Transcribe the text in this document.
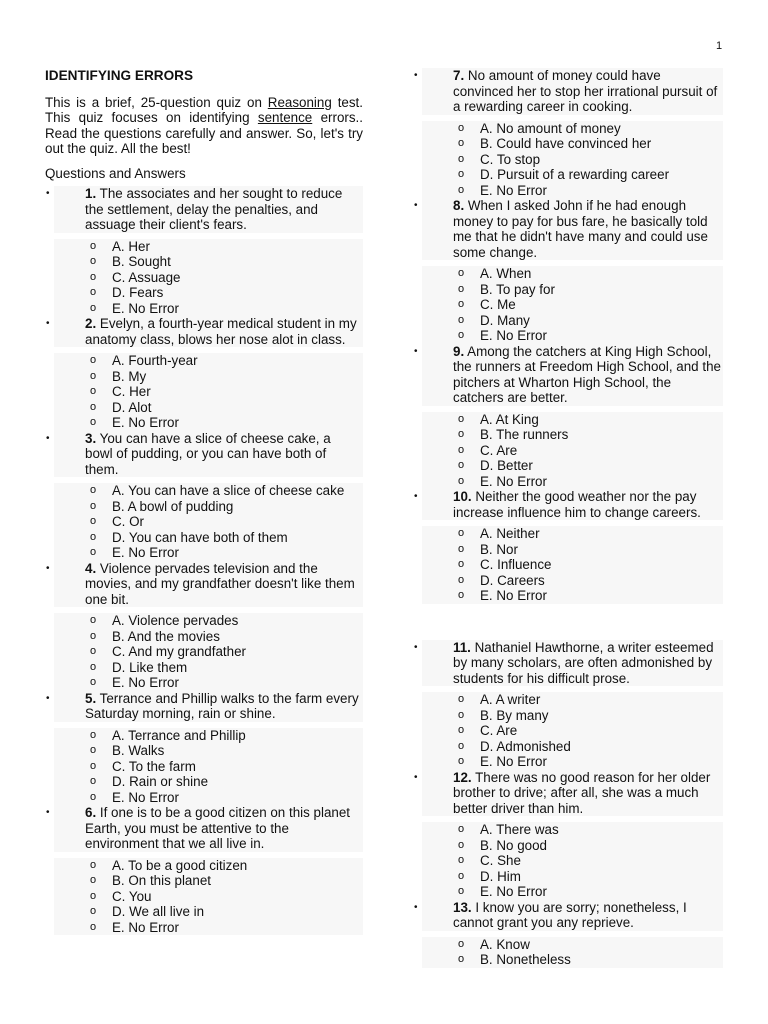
1
IDENTIFYING ERRORS

This is a brief, 25-question quiz on Reasoning test. This quiz focuses on identifying sentence errors.. Read the questions carefully and answer. So, let's try out the quiz. All the best!

Questions and Answers
•	1. The associates and her sought to reduce the settlement, delay the penalties, and assuage their client's fears.
o A. Her
o B. Sought
o C. Assuage
o D. Fears
o E. No Error
•	2. Evelyn, a fourth-year medical student in my anatomy class, blows her nose alot in class.
o A. Fourth-year
o B. My
o C. Her
o D. Alot
o E. No Error
•	3. You can have a slice of cheese cake, a bowl of pudding, or you can have both of them.
o A. You can have a slice of cheese cake
o B. A bowl of pudding
o C. Or
o D. You can have both of them
o E. No Error
•	4. Violence pervades television and the movies, and my grandfather doesn't like them one bit.
o A. Violence pervades
o B. And the movies
o C. And my grandfather
o D. Like them
o E. No Error
•	5. Terrance and Phillip walks to the farm every Saturday morning, rain or shine.
o A. Terrance and Phillip
o B. Walks
o C. To the farm
o D. Rain or shine
o E. No Error
•	6. If one is to be a good citizen on this planet Earth, you must be attentive to the environment that we all live in.
o A. To be a good citizen
o B. On this planet
o C. You
o D. We all live in
o E. No Error
•	7. No amount of money could have convinced her to stop her irrational pursuit of a rewarding career in cooking.
o A. No amount of money
o B. Could have convinced her
o C. To stop
o D. Pursuit of a rewarding career
o E. No Error
•	8. When I asked John if he had enough money to pay for bus fare, he basically told me that he didn't have many and could use some change.
o A. When
o B. To pay for
o C. Me
o D. Many
o E. No Error
•	9. Among the catchers at King High School, the runners at Freedom High School, and the pitchers at Wharton High School, the catchers are better.
o A. At King
o B. The runners
o C. Are
o D. Better
o E. No Error
•	10. Neither the good weather nor the pay increase influence him to change careers.
o A. Neither
o B. Nor
o C. Influence
o D. Careers
o E. No Error
•	11. Nathaniel Hawthorne, a writer esteemed by many scholars, are often admonished by students for his difficult prose.
o A. A writer
o B. By many
o C. Are
o D. Admonished
o E. No Error
•	12. There was no good reason for her older brother to drive; after all, she was a much better driver than him.
o A. There was
o B. No good
o C. She
o D. Him
o E. No Error
•	13. I know you are sorry; nonetheless, I cannot grant you any reprieve.
o A. Know
o B. Nonetheless
